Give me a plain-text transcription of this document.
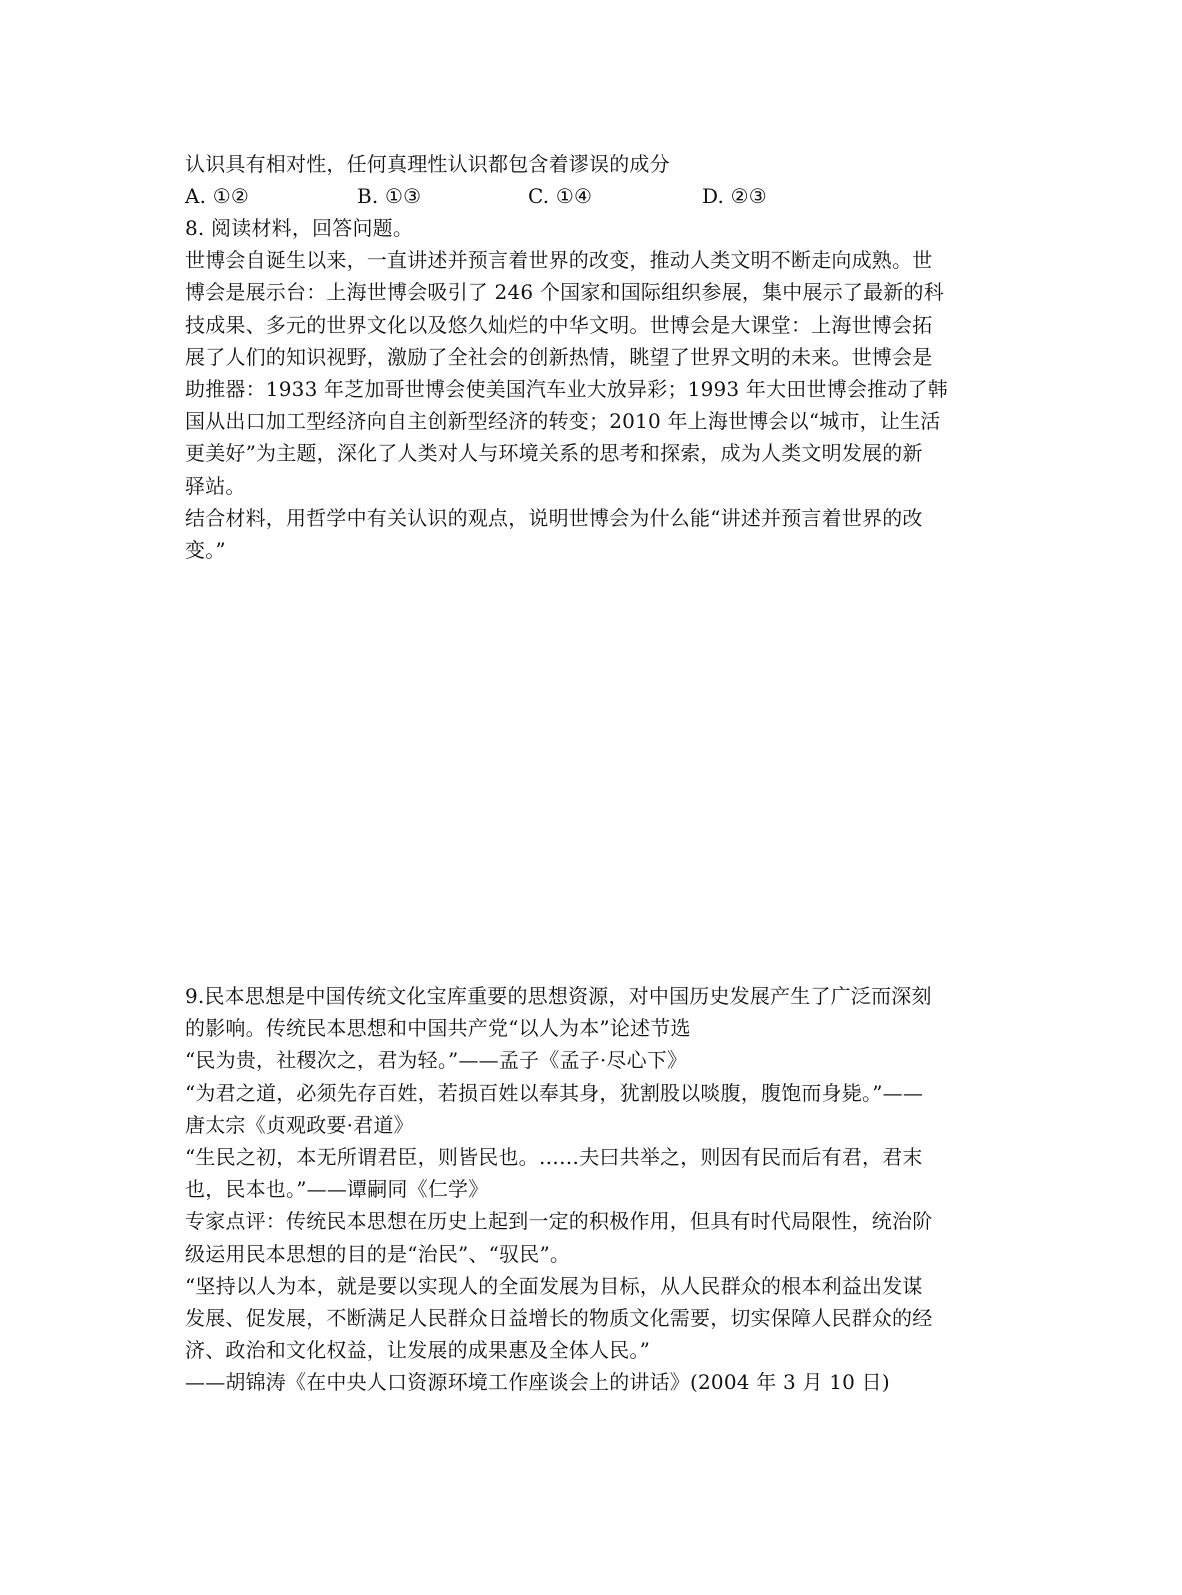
认识具有相对性，任何真理性认识都包含着谬误的成分
A. ①②	B. ①③	C. ①④	D. ②③
8. 阅读材料，回答问题。
世博会自诞生以来，一直讲述并预言着世界的改变，推动人类文明不断走向成熟。世
博会是展示台：上海世博会吸引了 246 个国家和国际组织参展，集中展示了最新的科
技成果、多元的世界文化以及悠久灿烂的中华文明。世博会是大课堂：上海世博会拓
展了人们的知识视野，激励了全社会的创新热情，眺望了世界文明的未来。世博会是
助推器：1933 年芝加哥世博会使美国汽车业大放异彩；1993 年大田世博会推动了韩
国从出口加工型经济向自主创新型经济的转变；2010 年上海世博会以“城市，让生活
更美好”为主题，深化了人类对人与环境关系的思考和探索，成为人类文明发展的新
驿站。
结合材料，用哲学中有关认识的观点，说明世博会为什么能“讲述并预言着世界的改
变。”
9.民本思想是中国传统文化宝库重要的思想资源，对中国历史发展产生了广泛而深刻
的影响。传统民本思想和中国共产党“以人为本”论述节选
“民为贵，社稷次之，君为轻。”——孟子《孟子·尽心下》
“为君之道，必须先存百姓，若损百姓以奉其身，犹割股以啖腹，腹饱而身毙。”——
唐太宗《贞观政要·君道》
“生民之初，本无所谓君臣，则皆民也。……夫曰共举之，则因有民而后有君，君末
也，民本也。”——谭嗣同《仁学》
专家点评：传统民本思想在历史上起到一定的积极作用，但具有时代局限性，统治阶
级运用民本思想的目的是“治民”、“驭民”。
“坚持以人为本，就是要以实现人的全面发展为目标，从人民群众的根本利益出发谋
发展、促发展，不断满足人民群众日益增长的物质文化需要，切实保障人民群众的经
济、政治和文化权益，让发展的成果惠及全体人民。”
——胡锦涛《在中央人口资源环境工作座谈会上的讲话》(2004 年 3 月 10 日)
